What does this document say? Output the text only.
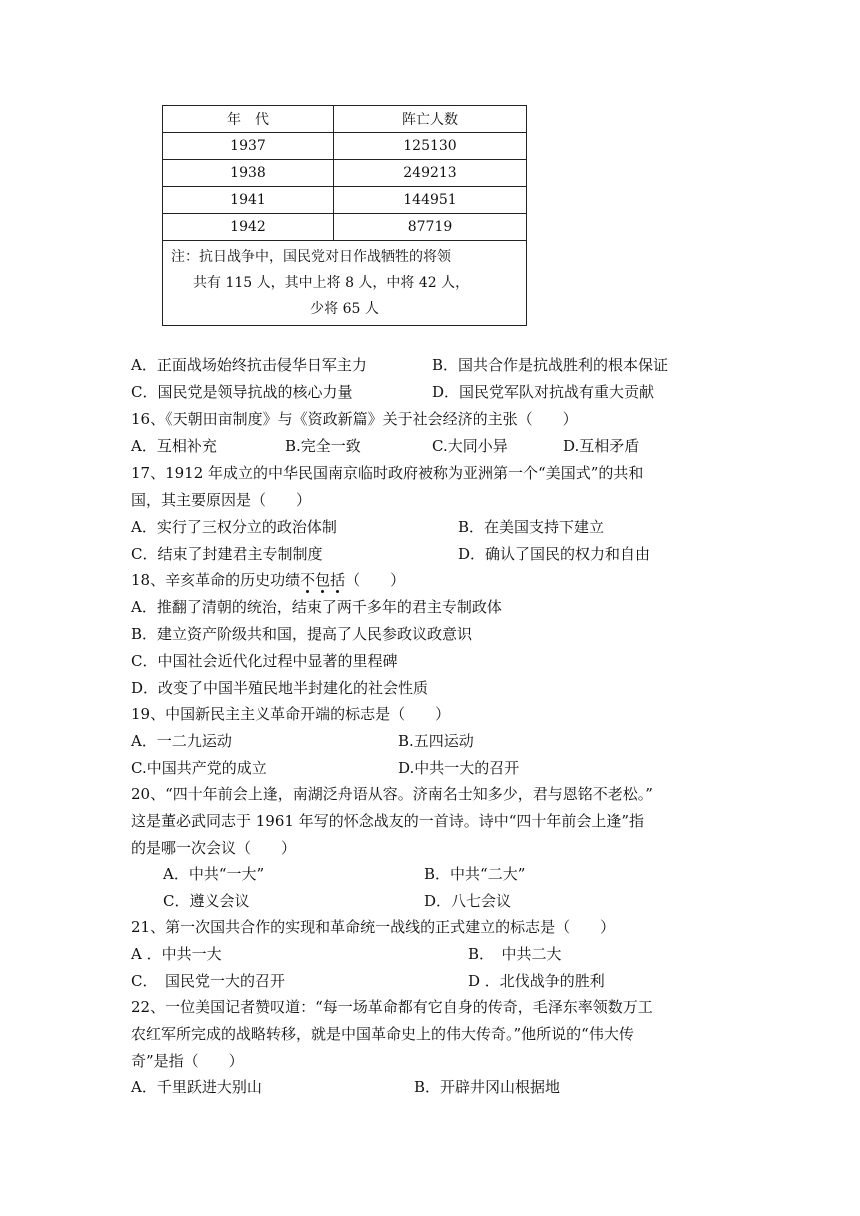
年　代	阵亡人数
1937	125130
1938	249213
1941	144951
1942	87719
注：抗日战争中，国民党对日作战牺牲的将领
共有 115 人，其中上将 8 人，中将 42 人，
少将 65 人	
A．正面战场始终抗击侵华日军主力	B．国共合作是抗战胜利的根本保证
C．国民党是领导抗战的核心力量	D．国民党军队对抗战有重大贡献
16、《天朝田亩制度》与《资政新篇》关于社会经济的主张（　　）
A．互相补充	B.完全一致	C.大同小异	D.互相矛盾
17、1912 年成立的中华民国南京临时政府被称为亚洲第一个“美国式”的共和
国，其主要原因是（　　）
A．实行了三权分立的政治体制	B．在美国支持下建立
C．结束了封建君主专制制度	D．确认了国民的权力和自由
18、辛亥革命的历史功绩不包括（　　）
A．推翻了清朝的统治，结束了两千多年的君主专制政体
B．建立资产阶级共和国，提高了人民参政议政意识
C．中国社会近代化过程中显著的里程碑
D．改变了中国半殖民地半封建化的社会性质
19、中国新民主主义革命开端的标志是（　　）
A．一二九运动	B.五四运动
C.中国共产党的成立	D.中共一大的召开
20、“四十年前会上逢，南湖泛舟语从容。济南名士知多少，君与恩铭不老松。”
这是董必武同志于 1961 年写的怀念战友的一首诗。诗中“四十年前会上逢”指
的是哪一次会议（　　）
A．中共“一大”	B．中共“二大”
C．遵义会议	D．八七会议
21、第一次国共合作的实现和革命统一战线的正式建立的标志是（　　）
A ．中共一大	B．　中共二大
C．　国民党一大的召开	D ．北伐战争的胜利
22、一位美国记者赞叹道：“每一场革命都有它自身的传奇，毛泽东率领数万工
农红军所完成的战略转移，就是中国革命史上的伟大传奇。”他所说的“伟大传
奇”是指（　　）
A．千里跃进大别山	B．开辟井冈山根据地
